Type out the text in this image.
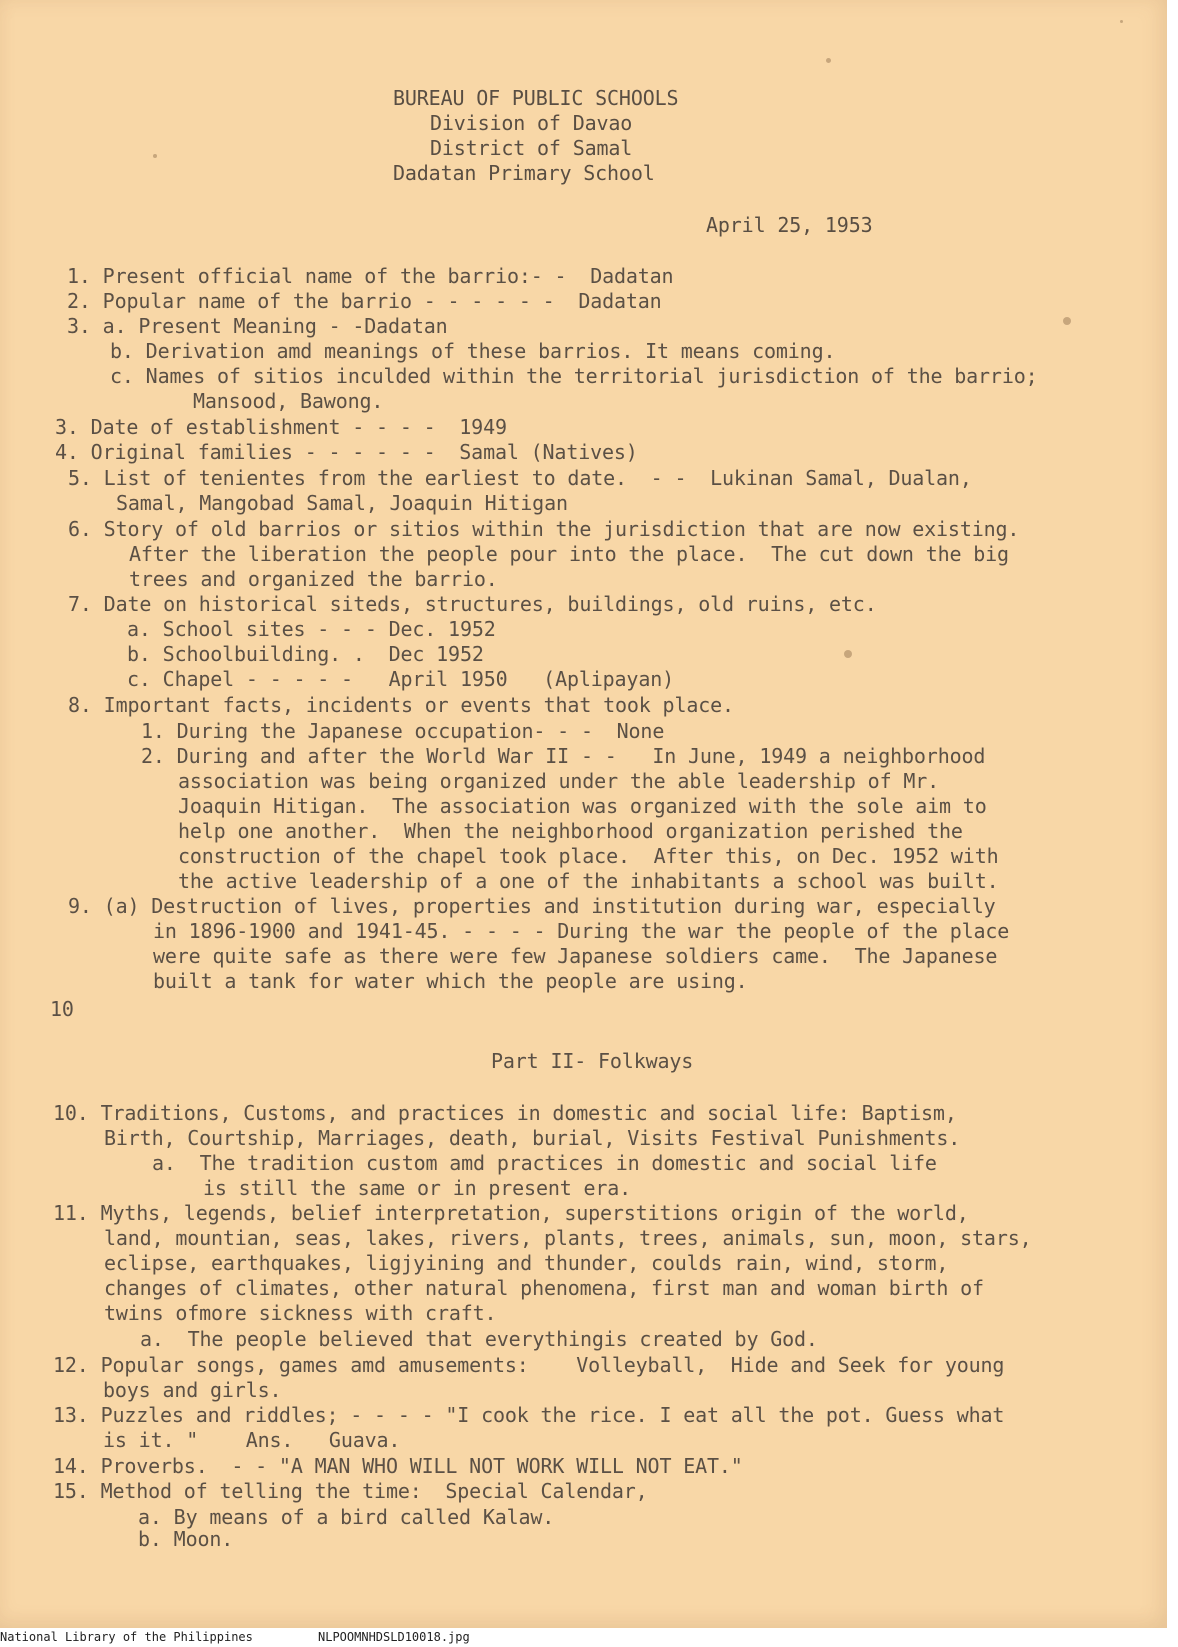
BUREAU OF PUBLIC SCHOOLS
Division of Davao
District of Samal
Dadatan Primary School
April 25, 1953
1. Present official name of the barrio:- -  Dadatan
2. Popular name of the barrio - - - - - -  Dadatan
3. a. Present Meaning - -Dadatan
b. Derivation amd meanings of these barrios. It means coming.
c. Names of sitios inculded within the territorial jurisdiction of the barrio;
Mansood, Bawong.
3. Date of establishment - - - -  1949
4. Original families - - - - - -  Samal (Natives)
5. List of tenientes from the earliest to date.  - -  Lukinan Samal, Dualan,
Samal, Mangobad Samal, Joaquin Hitigan
6. Story of old barrios or sitios within the jurisdiction that are now existing.
After the liberation the people pour into the place.  The cut down the big
trees and organized the barrio.
7. Date on historical siteds, structures, buildings, old ruins, etc.
a. School sites - - - Dec. 1952
b. Schoolbuilding. .  Dec 1952
c. Chapel - - - - -   April 1950   (Aplipayan)
8. Important facts, incidents or events that took place.
1. During the Japanese occupation- - -  None
2. During and after the World War II - -   In June, 1949 a neighborhood
association was being organized under the able leadership of Mr.
Joaquin Hitigan.  The association was organized with the sole aim to
help one another.  When the neighborhood organization perished the
construction of the chapel took place.  After this, on Dec. 1952 with
the active leadership of a one of the inhabitants a school was built.
9. (a) Destruction of lives, properties and institution during war, especially
in 1896-1900 and 1941-45. - - - - During the war the people of the place
were quite safe as there were few Japanese soldiers came.  The Japanese
built a tank for water which the people are using.
10
Part II- Folkways
10. Traditions, Customs, and practices in domestic and social life: Baptism,
Birth, Courtship, Marriages, death, burial, Visits Festival Punishments.
a.  The tradition custom amd practices in domestic and social life
is still the same or in present era.
11. Myths, legends, belief interpretation, superstitions origin of the world,
land, mountian, seas, lakes, rivers, plants, trees, animals, sun, moon, stars,
eclipse, earthquakes, ligjyining and thunder, coulds rain, wind, storm,
changes of climates, other natural phenomena, first man and woman birth of
twins ofmore sickness with craft.
a.  The people believed that everythingis created by God.
12. Popular songs, games amd amusements:    Volleyball,  Hide and Seek for young
boys and girls.
13. Puzzles and riddles; - - - - "I cook the rice. I eat all the pot. Guess what
is it. "    Ans.   Guava.
14. Proverbs.  - - "A MAN WHO WILL NOT WORK WILL NOT EAT."
15. Method of telling the time:  Special Calendar,
a. By means of a bird called Kalaw.
b. Moon.

National Library of the Philippines

	NLPOOMNHDSLD10018.jpg
